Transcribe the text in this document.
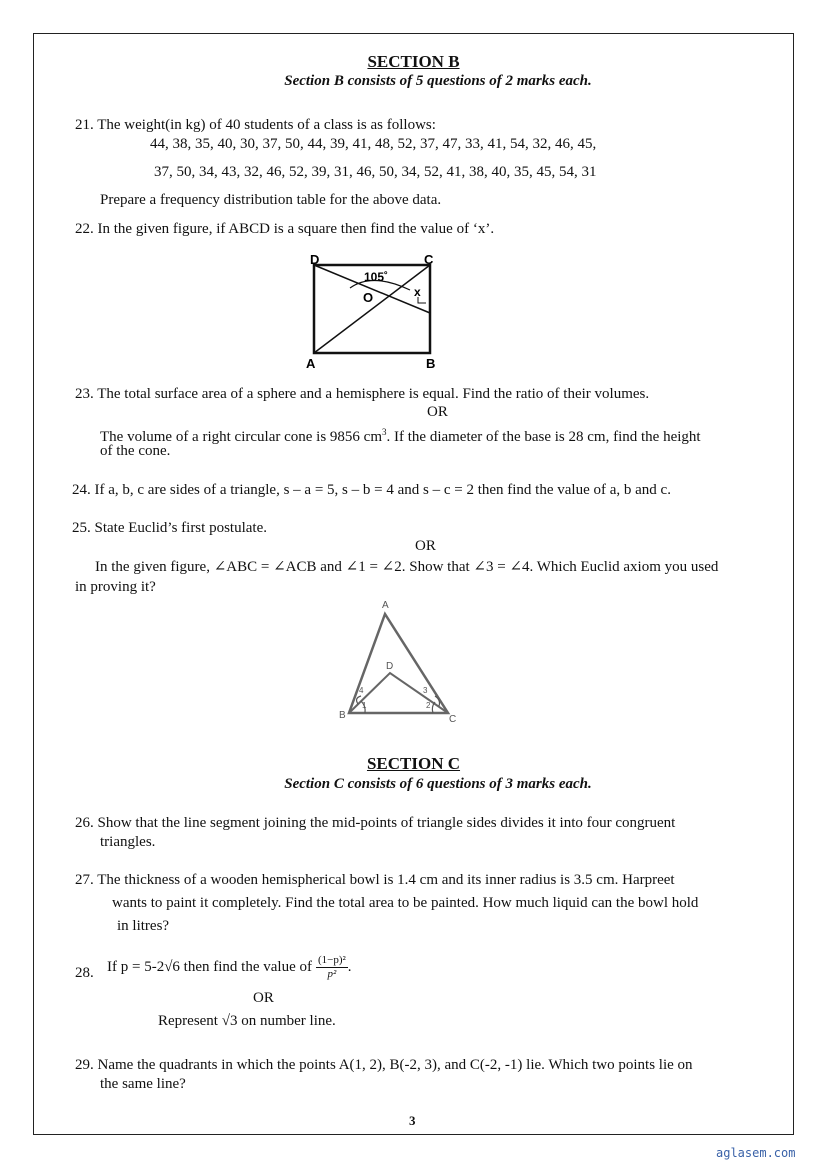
SECTION B
Section B consists of 5 questions of 2 marks each.
21. The weight(in kg) of 40 students of a class is as follows:
44, 38, 35, 40, 30, 37, 50, 44, 39, 41, 48, 52, 37, 47, 33, 41, 54, 32, 46, 45,
37, 50, 34, 43, 32, 46, 52, 39, 31, 46, 50, 34, 52, 41, 38, 40, 35, 45, 54, 31
Prepare a frequency distribution table for the above data.
22. In the given figure, if ABCD is a square then find the value of ‘x’.
D	C
A	B
O
105˚
x
23. The total surface area of a sphere and a hemisphere is equal. Find the ratio of their volumes.
OR
The volume of a right circular cone is 9856 $cm^3$. If the diameter of the base is 28 cm, find the height
of the cone.
24. If a, b, c are sides of a triangle, s – a = 5, s – b = 4 and s – c = 2 then find the value of a, b and c.
25. State Euclid’s first postulate.
OR
In the given figure, ∠ABC = ∠ACB and ∠1 = ∠2. Show that ∠3 = ∠4. Which Euclid axiom you used
in proving it?
A
B	C
D
1	2
3
4
SECTION C
Section C consists of 6 questions of 3 marks each.
26. Show that the line segment joining the mid-points of triangle sides divides it into four congruent
triangles.
27. The thickness of a wooden hemispherical bowl is 1.4 cm and its inner radius is 3.5 cm. Harpreet
wants to paint it completely. Find the total area to be painted. How much liquid can the bowl hold
in litres?
28. If p = 5-2√6 then find the value of $\frac{\text{(1−p)²}}{\text{p²}}$ .
OR
Represent √3 on number line.
29. Name the quadrants in which the points A(1, 2), B(-2, 3), and C(-2, -1) lie. Which two points lie on
the same line?
3
aglasem.com
